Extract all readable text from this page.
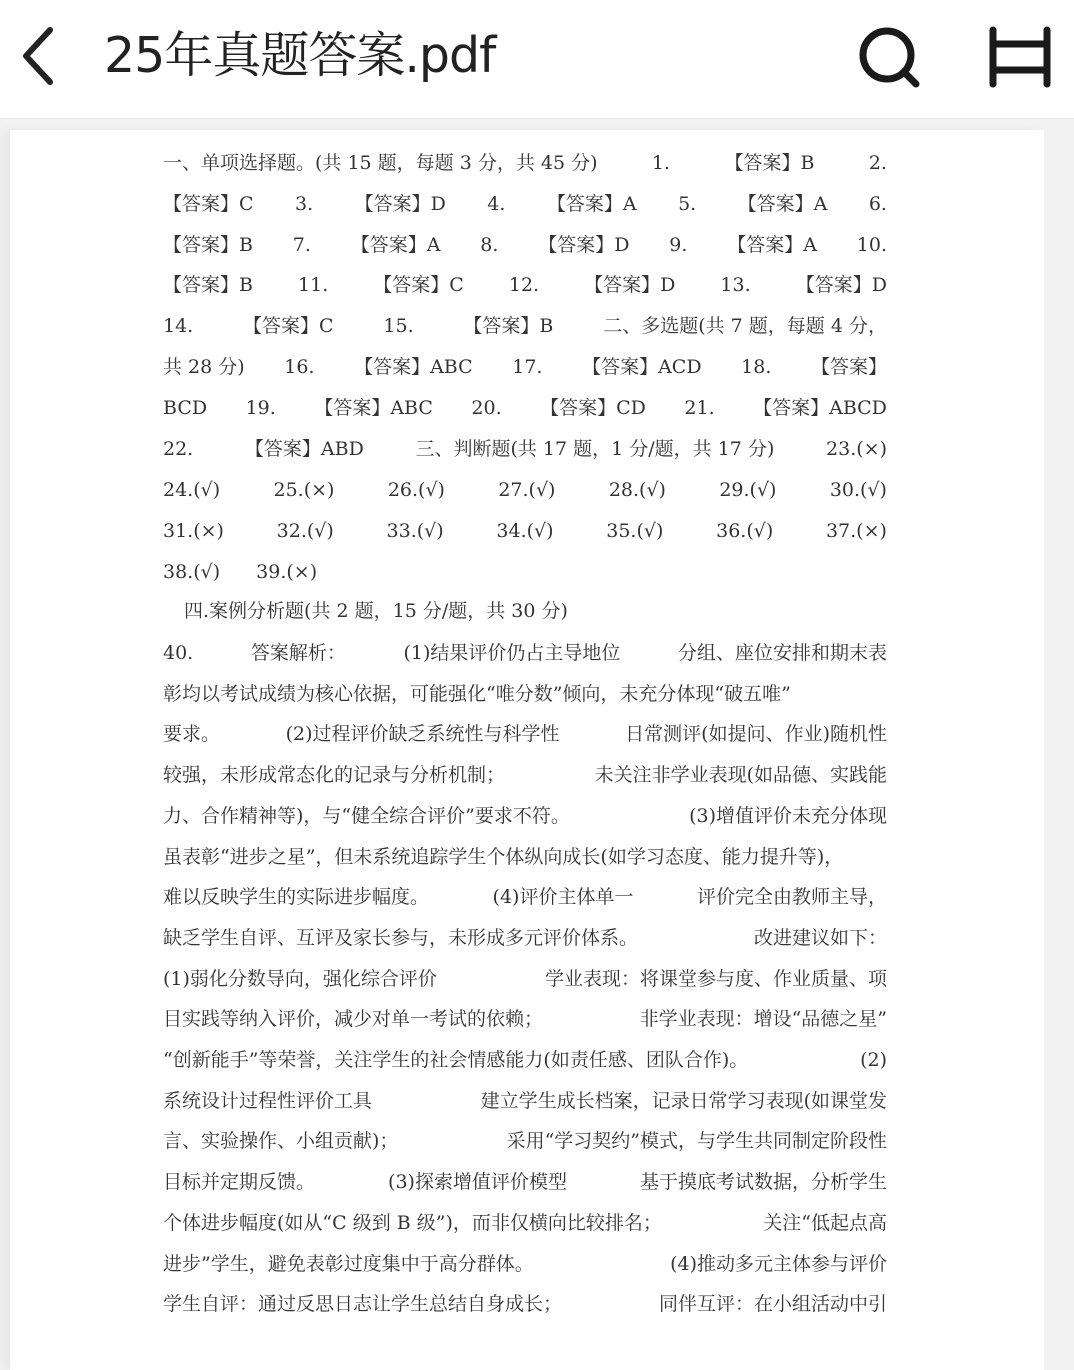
25年真题答案.pdf
一、单项选择题。(共 15 题，每题 3 分，共 45 分)	1.	【答案】B	2.
【答案】C 3. 【答案】D 4. 【答案】A 5. 【答案】A 6.
【答案】B 7. 【答案】A 8. 【答案】D 9. 【答案】A 10.
【答案】B 11. 【答案】C 12. 【答案】D 13. 【答案】D
14.	【答案】C	15.	【答案】B	二、多选题(共 7 题，每题 4 分，
共 28 分) 16. 【答案】ABC 17. 【答案】ACD 18. 【答案】
BCD 19. 【答案】ABC 20. 【答案】CD 21. 【答案】ABCD
22.	【答案】ABD	三、判断题(共 17 题，1 分/题，共 17 分)	23.(×)
24.(√)	25.(×)	26.(√)	27.(√)	28.(√)	29.(√)	30.(√)
31.(×)	32.(√)	33.(√)	34.(√)	35.(√)	36.(√)	37.(×)
38.(√) 39.(×)
四.案例分析题(共 2 题，15 分/题，共 30 分)
40.	答案解析：	(1)结果评价仍占主导地位	分组、座位安排和期末表
彰均以考试成绩为核心依据，可能强化“唯分数”倾向，未充分体现“破五唯”
要求。	(2)过程评价缺乏系统性与科学性	日常测评(如提问、作业)随机性
较强，未形成常态化的记录与分析机制；	未关注非学业表现(如品德、实践能
力、合作精神等)，与“健全综合评价”要求不符。	(3)增值评价未充分体现
虽表彰“进步之星”，但未系统追踪学生个体纵向成长(如学习态度、能力提升等)，
难以反映学生的实际进步幅度。	(4)评价主体单一	评价完全由教师主导，
缺乏学生自评、互评及家长参与，未形成多元评价体系。	改进建议如下：
(1)弱化分数导向，强化综合评价	学业表现：将课堂参与度、作业质量、项
目实践等纳入评价，减少对单一考试的依赖；	非学业表现：增设“品德之星”
“创新能手”等荣誉，关注学生的社会情感能力(如责任感、团队合作)。	(2)
系统设计过程性评价工具	建立学生成长档案，记录日常学习表现(如课堂发
言、实验操作、小组贡献)；	采用“学习契约”模式，与学生共同制定阶段性
目标并定期反馈。	(3)探索增值评价模型	基于摸底考试数据，分析学生
个体进步幅度(如从“C 级到 B 级”)，而非仅横向比较排名；	关注“低起点高
进步”学生，避免表彰过度集中于高分群体。	(4)推动多元主体参与评价
学生自评：通过反思日志让学生总结自身成长；	同伴互评：在小组活动中引
